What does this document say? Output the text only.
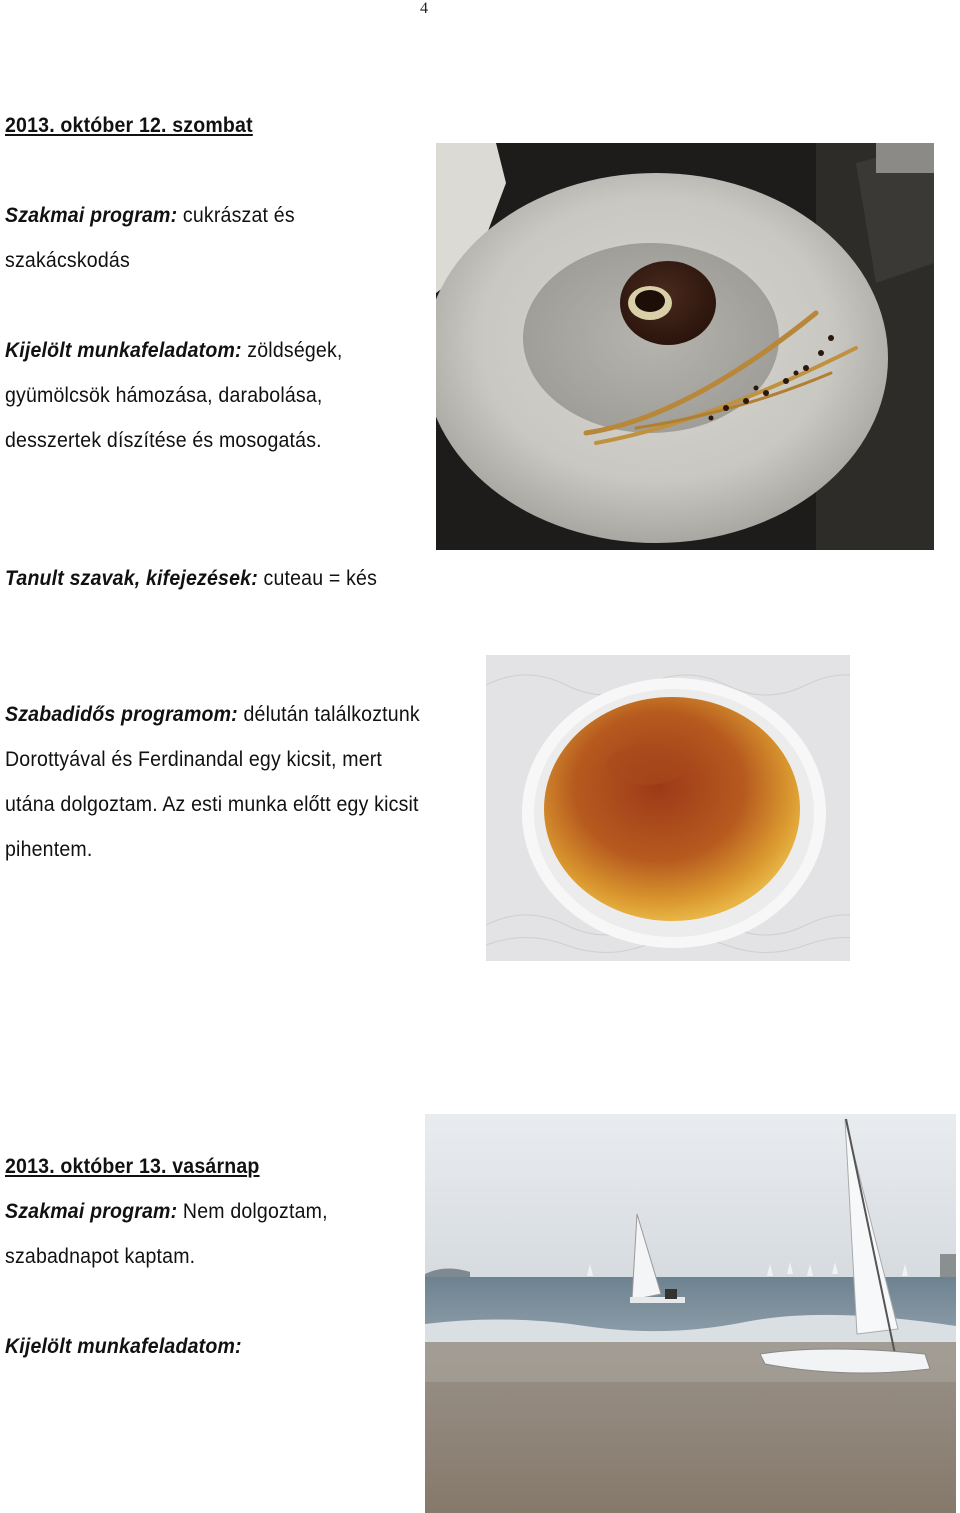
4
2013. október 12. szombat
Szakmai program: cukrászat és
szakácskodás
Kijelölt munkafeladatom: zöldségek,
gyümölcsök hámozása, darabolása,
desszertek díszítése és mosogatás.
Tanult szavak, kifejezések: cuteau = kés
Szabadidős programom: délután találkoztunk
Dorottyával és Ferdinandal egy kicsit, mert
utána dolgoztam. Az esti munka előtt egy kicsit
pihentem.
2013. október 13. vasárnap
Szakmai program: Nem dolgoztam,
szabadnapot kaptam.
Kijelölt munkafeladatom:
